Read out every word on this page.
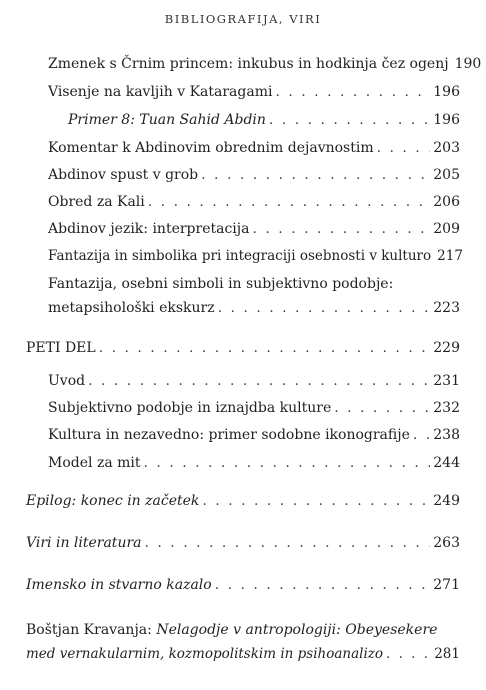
BIBLIOGRAFIJA, VIRI
Zmenek s Črnim princem: inkubus in hodkinja čez ogenj 190
Visenje na kavljih v Kataragami . . .	196
Primer 8: Tuan Sahid Abdin . . .	196
Komentar k Abdinovim obrednim dejavnostim . . .	203
Abdinov spust v grob . . .	205
Obred za Kali . . .	206
Abdinov jezik: interpretacija . . .	209
Fantazija in simbolika pri integraciji osebnosti v kulturo 217
Fantazija, osebni simboli in subjektivno podobje:
metapsihološki ekskurz . . .	223
PETI DEL . . .	229
Uvod . . .	231
Subjektivno podobje in iznajdba kulture . . .	232
Kultura in nezavedno: primer sodobne ikonografije . . . 238
Model za mit . . .	244
Epilog: konec in začetek . . .	249
Viri in literatura . . .	263
Imensko in stvarno kazalo . . .	271
Boštjan Kravanja: Nelagodje v antropologiji: Obeyesekere
med vernakularnim, kozmopolitskim in psihoanalizo . . .	281
